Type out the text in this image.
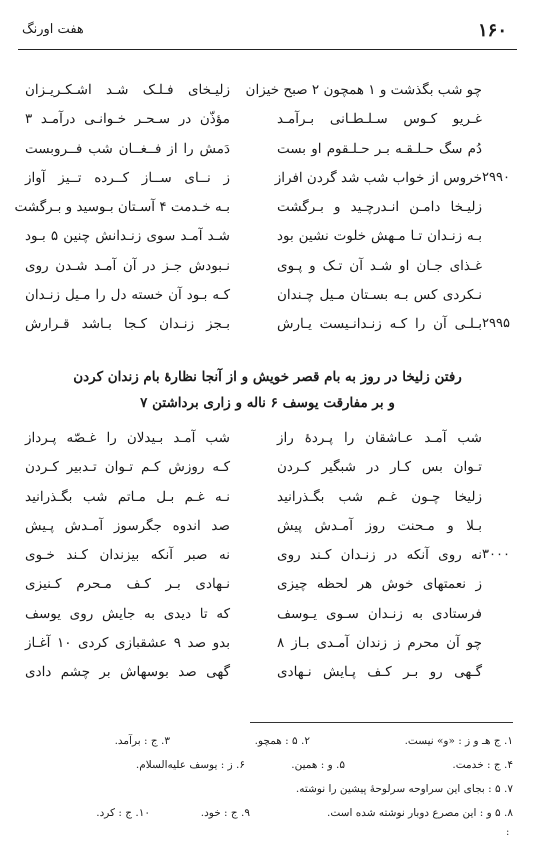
۱۶۰
هفت اورنگ
چو شب بگذشت و ۱ همچون ۲ صبح خیزان
زلیـخای فـلـک شـد اشـکـریـزان
غـریو کـوس سـلـطـانی بـرآمـد
مؤذّن در سـحـر خـوانـی درآمـد ۳
دُم سگ حـلـقـه بـر حـلـقوم او بست
دَمش را از فــغــان شب فــروبست
۲۹۹۰
خروس از خواب شب شد گردن افراز
ز نــای ســاز کــرده تــیز آواز
زلیـخا دامـن انـدرچـید و بـرگشت
بـه خـدمت ۴ آسـتان بـوسید و بـرگشت
بـه زنـدان تـا مـهش خلوت نشین بود
شـد آمـد سوی زنـدانش چنین ۵ بـود
غـذای جـان او شـد آن تـک و پـوی
نـبودش جـز در آن آمـد شـدن روی
نـکردی کس بـه بسـتان مـیل چـندان
کـه بـود آن خسته دل را مـیل زنـدان
۲۹۹۵
بـلـی آن را کـه زنـدانـیست یـارش
بـجز زنـدان کـجا بـاشد قـرارش
رفتن زلیخا در روز به بام قصر خویش و از آنجا نظارهٔ بام زندان کردن
و بر مفارقت یوسف ۶ ناله و زاری برداشتن ۷
شب آمـد عـاشقان را پـردهٔ راز
شب آمـد بـیدلان را غـصّه پـرداز
تـوان بس کـار در شبگیر کـردن
کـه روزش کـم تـوان تـدبیر کـردن
زلیخا چـون غـم شب بگـذرانید
نـه غـم بـل مـاتم شب بگـذرانید
بـلا و مـحنت روز آمـدش پیش
صد اندوه جگرسوز آمـدش پـیش
۳۰۰۰
نه روی آنکه در زنـدان کـند روی
نه صبر آنکه بیزندان کـند خـوی
ز نعمتهای خوش هر لحظه چیزی
نـهادی بـر کـف مـحرم کـنیزی
فرستادی به زنـدان سـوی یـوسف
که تا دیدی به جایش روی یوسف
چو آن محرم ز زندان آمـدی بـاز ۸
بدو صد ۹ عشقبازی کردی ۱۰ آغـاز
گـهی رو بـر کـف پـایش نـهادی
گهی صد بوسهاش بر چشم دادی
۱. ج هـ و ز : «و» نیست.
۲. ۵ : همچو.
۳. ج : برآمد.
۴. ج : خدمت.
۵. و : همین.
۶. ز : یوسف علیه‌السلام.
۷. ۵ : بجای این سراوحه سرلوحهٔ پیشین را نوشته.
۸. ۵ و : این مصرع دوبار نوشته شده است.
۹. ج : خود.
۱۰. ج : کرد.
:
